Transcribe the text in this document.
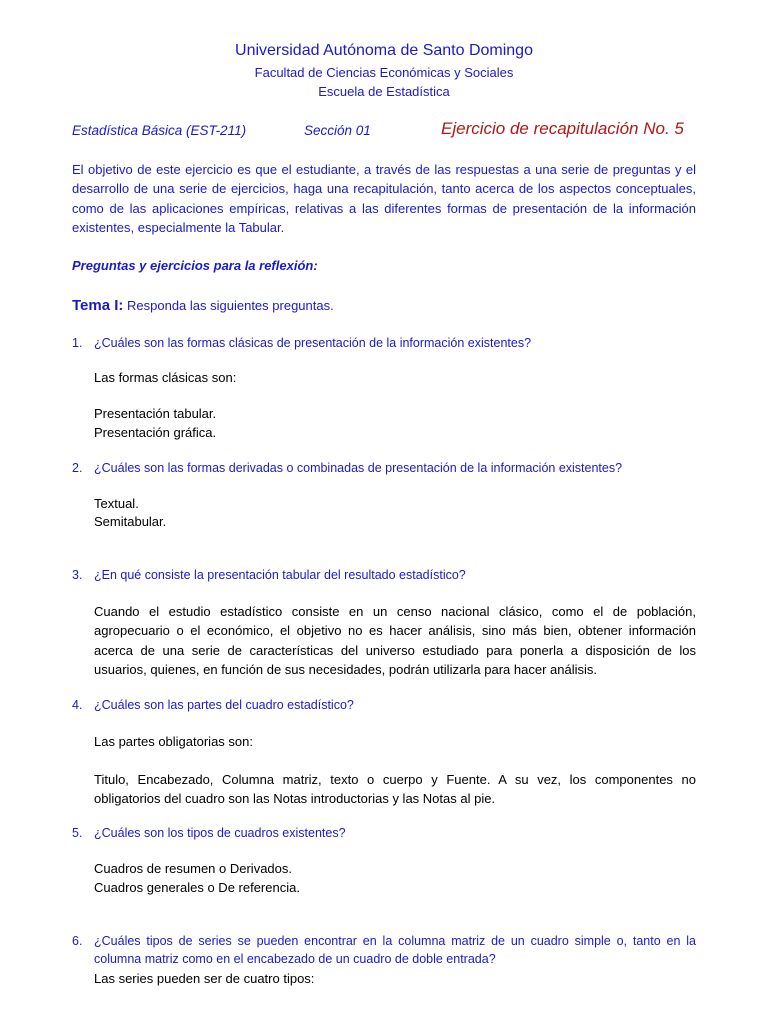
Universidad Autónoma de Santo Domingo
Facultad de Ciencias Económicas y Sociales
Escuela de Estadística
Estadística Básica (EST-211)	Sección 01	Ejercicio de recapitulación No. 5
El objetivo de este ejercicio es que el estudiante, a través de las respuestas a una serie de preguntas y el desarrollo de una serie de ejercicios, haga una recapitulación, tanto acerca de los aspectos conceptuales, como de las aplicaciones empíricas, relativas a las diferentes formas de presentación de la información existentes, especialmente la Tabular.
Preguntas y ejercicios para la reflexión:
Tema I: Responda las siguientes preguntas.
1. ¿Cuáles son las formas clásicas de presentación de la información existentes?
Las formas clásicas son:
Presentación tabular.
Presentación gráfica.
2. ¿Cuáles son las formas derivadas o combinadas de presentación de la información existentes?
Textual.
Semitabular.
3. ¿En qué consiste la presentación tabular del resultado estadístico?
Cuando el estudio estadístico consiste en un censo nacional clásico, como el de población, agropecuario o el económico, el objetivo no es hacer análisis, sino más bien, obtener información acerca de una serie de características del universo estudiado para ponerla a disposición de los usuarios, quienes, en función de sus necesidades, podrán utilizarla para hacer análisis.
4. ¿Cuáles son las partes del cuadro estadístico?
Las partes obligatorias son:
Titulo, Encabezado, Columna matriz, texto o cuerpo y Fuente. A su vez, los componentes no obligatorios del cuadro son las Notas introductorias y las Notas al pie.
5. ¿Cuáles son los tipos de cuadros existentes?
Cuadros de resumen o Derivados.
Cuadros generales o De referencia.
6. ¿Cuáles tipos de series se pueden encontrar en la columna matriz de un cuadro simple o, tanto en la columna matriz como en el encabezado de un cuadro de doble entrada?
Las series pueden ser de cuatro tipos:
